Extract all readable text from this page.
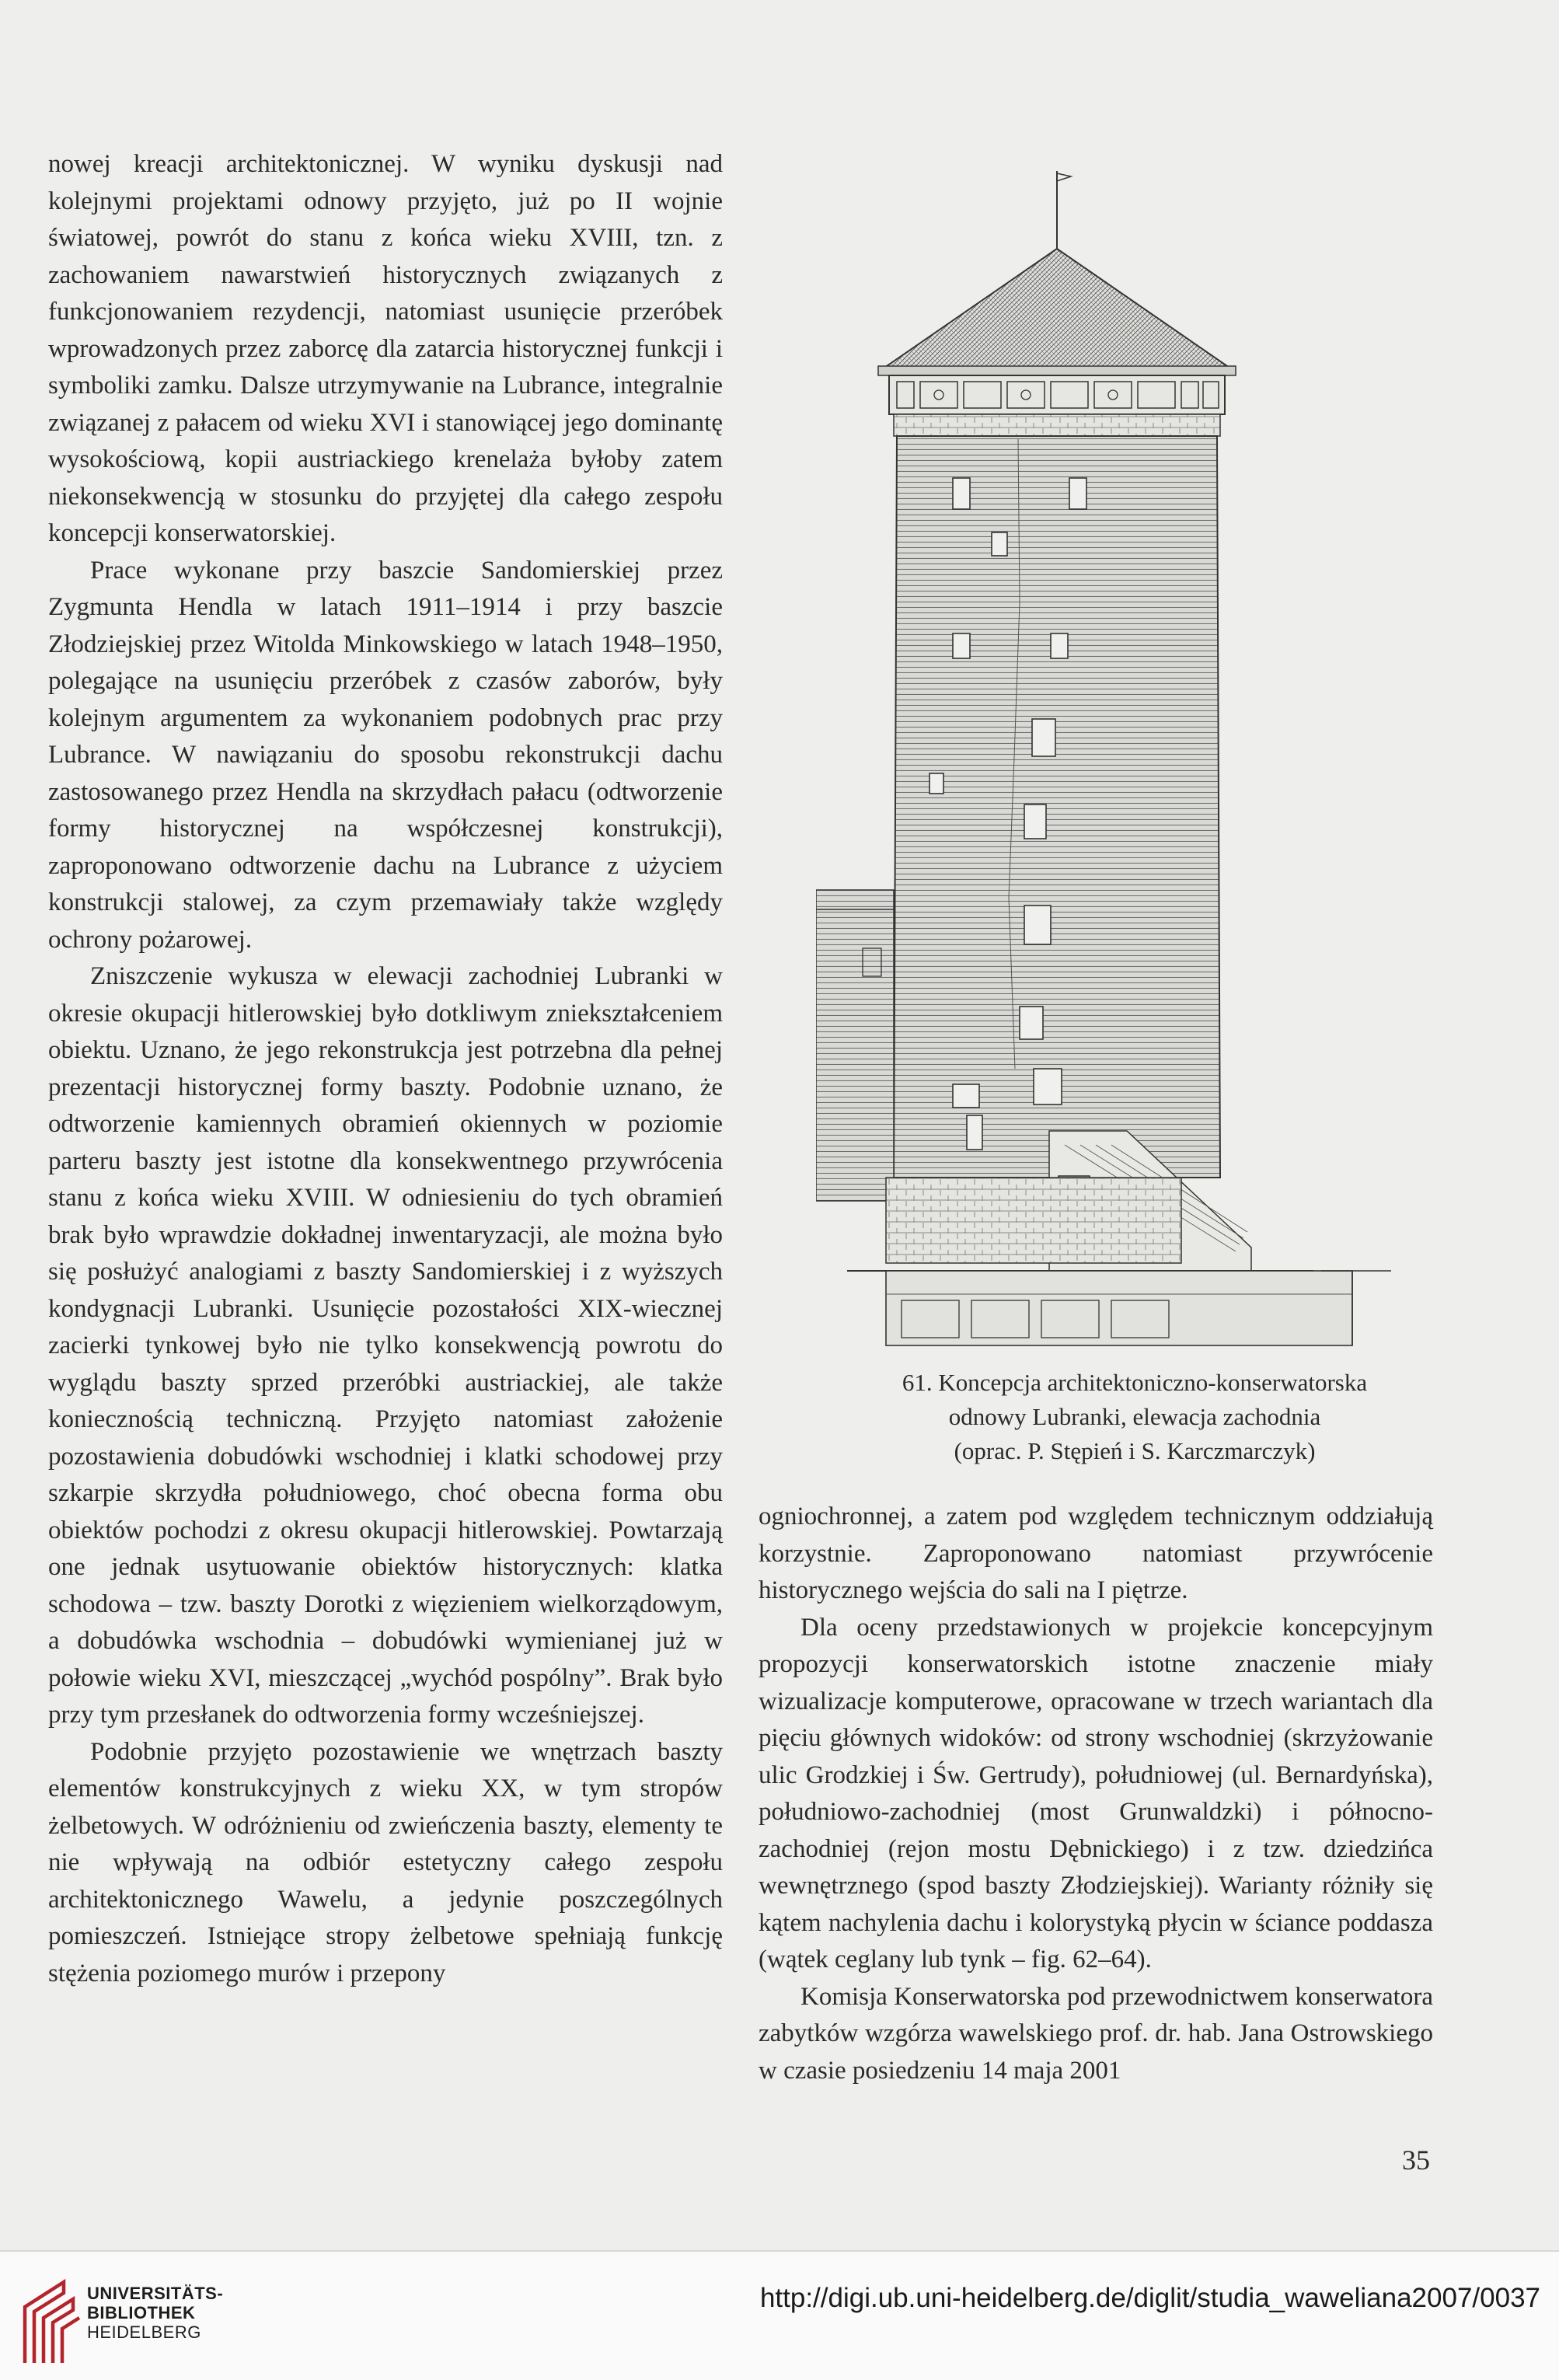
nowej kreacji architektonicznej. W wyniku dyskusji nad kolejnymi projektami odnowy przyjęto, już po II wojnie światowej, powrót do stanu z końca wieku XVIII, tzn. z zachowaniem nawarstwień historycznych związanych z funkcjonowaniem rezydencji, natomiast usunięcie przeróbek wprowadzonych przez zaborcę dla zatarcia historycznej funkcji i symboliki zamku. Dalsze utrzymywanie na Lubrance, integralnie związanej z pałacem od wieku XVI i stanowiącej jego dominantę wysokościową, kopii austriackiego krenelaża byłoby zatem niekonsekwencją w stosunku do przyjętej dla całego zespołu koncepcji konserwatorskiej.

Prace wykonane przy baszcie Sandomierskiej przez Zygmunta Hendla w latach 1911–1914 i przy baszcie Złodziejskiej przez Witolda Minkowskiego w latach 1948–1950, polegające na usunięciu przeróbek z czasów zaborów, były kolejnym argumentem za wykonaniem podobnych prac przy Lubrance. W nawiązaniu do sposobu rekonstrukcji dachu zastosowanego przez Hendla na skrzydłach pałacu (odtworzenie formy historycznej na współczesnej konstrukcji), zaproponowano odtworzenie dachu na Lubrance z użyciem konstrukcji stalowej, za czym przemawiały także względy ochrony pożarowej.

Zniszczenie wykusza w elewacji zachodniej Lubranki w okresie okupacji hitlerowskiej było dotkliwym zniekształceniem obiektu. Uznano, że jego rekonstrukcja jest potrzebna dla pełnej prezentacji historycznej formy baszty. Podobnie uznano, że odtworzenie kamiennych obramień okiennych w poziomie parteru baszty jest istotne dla konsekwentnego przywrócenia stanu z końca wieku XVIII. W odniesieniu do tych obramień brak było wprawdzie dokładnej inwentaryzacji, ale można było się posłużyć analogiami z baszty Sandomierskiej i z wyższych kondygnacji Lubranki. Usunięcie pozostałości XIX-wiecznej zacierki tynkowej było nie tylko konsekwencją powrotu do wyglądu baszty sprzed przeróbki austriackiej, ale także koniecznością techniczną. Przyjęto natomiast założenie pozostawienia dobudówki wschodniej i klatki schodowej przy szkarpie skrzydła południowego, choć obecna forma obu obiektów pochodzi z okresu okupacji hitlerowskiej. Powtarzają one jednak usytuowanie obiektów historycznych: klatka schodowa – tzw. baszty Dorotki z więzieniem wielkorządowym, a dobudówka wschodnia – dobudówki wymienianej już w połowie wieku XVI, mieszczącej „wychód pospólny”. Brak było przy tym przesłanek do odtworzenia formy wcześniejszej.

Podobnie przyjęto pozostawienie we wnętrzach baszty elementów konstrukcyjnych z wieku XX, w tym stropów żelbetowych. W odróżnieniu od zwieńczenia baszty, elementy te nie wpływają na odbiór estetyczny całego zespołu architektonicznego Wawelu, a jedynie poszczególnych pomieszczeń. Istniejące stropy żelbetowe spełniają funkcję stężenia poziomego murów i przepony

61. Koncepcja architektoniczno-konserwatorska
odnowy Lubranki, elewacja zachodnia
(oprac. P. Stępień i S. Karczmarczyk)

ogniochronnej, a zatem pod względem technicznym oddziałują korzystnie. Zaproponowano natomiast przywrócenie historycznego wejścia do sali na I piętrze.

Dla oceny przedstawionych w projekcie koncepcyjnym propozycji konserwatorskich istotne znaczenie miały wizualizacje komputerowe, opracowane w trzech wariantach dla pięciu głównych widoków: od strony wschodniej (skrzyżowanie ulic Grodzkiej i Św. Gertrudy), południowej (ul. Bernardyńska), południowo-zachodniej (most Grunwaldzki) i północno-zachodniej (rejon mostu Dębnickiego) i z tzw. dziedzińca wewnętrznego (spod baszty Złodziejskiej). Warianty różniły się kątem nachylenia dachu i kolorystyką płycin w ściance poddasza (wątek ceglany lub tynk – fig. 62–64).

Komisja Konserwatorska pod przewodnictwem konserwatora zabytków wzgórza wawelskiego prof. dr. hab. Jana Ostrowskiego w czasie posiedzeniu 14 maja 2001

35
UNIVERSITÄTS-
BIBLIOTHEK
HEIDELBERG
http://digi.ub.uni-heidelberg.de/diglit/studia_waweliana2007/0037
